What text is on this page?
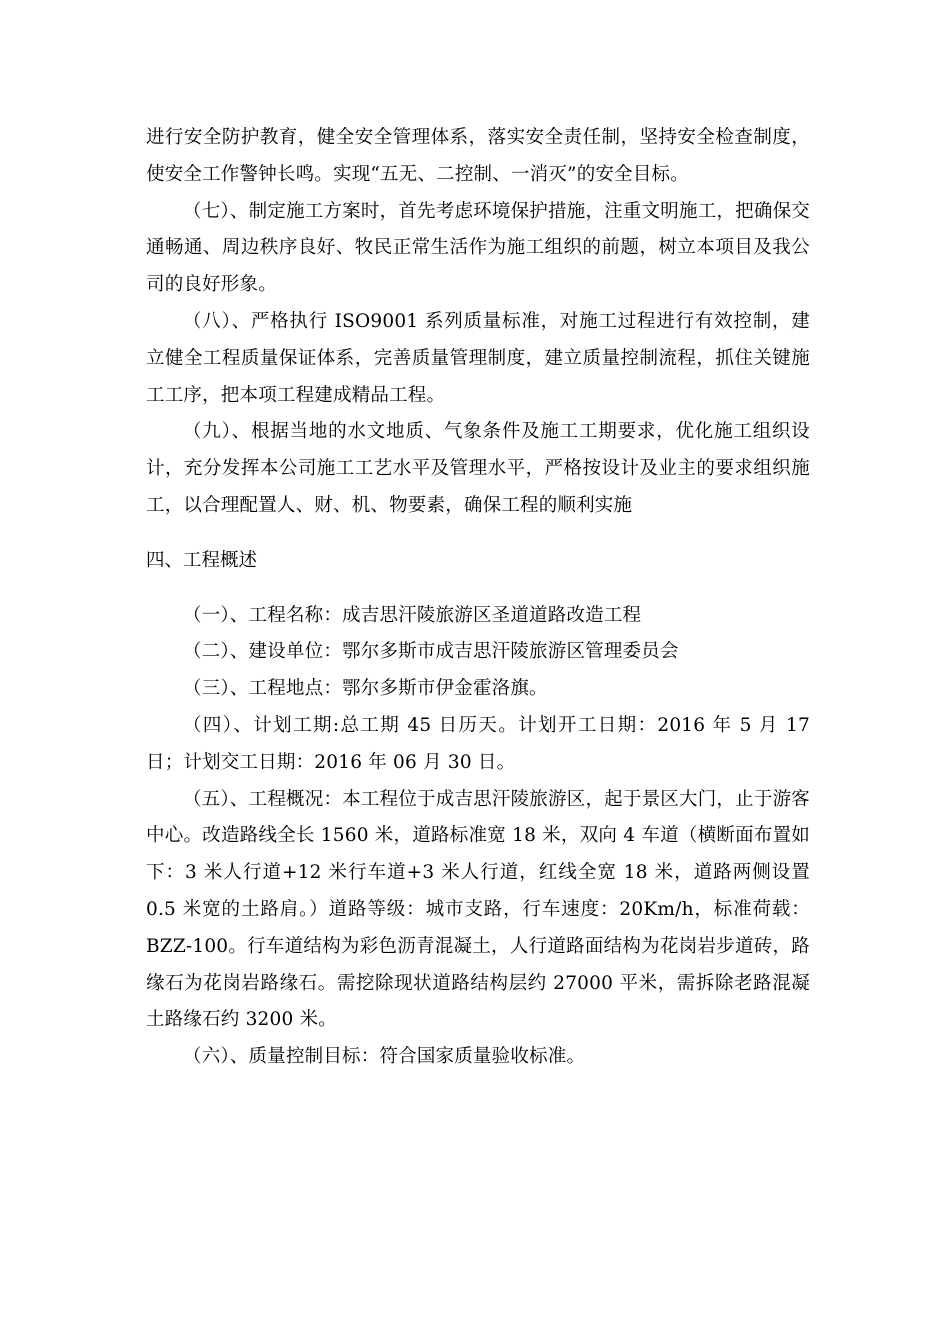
进行安全防护教育，健全安全管理体系，落实安全责任制，坚持安全检查制度，使安全工作警钟长鸣。实现“五无、二控制、一消灭”的安全目标。

（七）、制定施工方案时，首先考虑环境保护措施，注重文明施工，把确保交通畅通、周边秩序良好、牧民正常生活作为施工组织的前题，树立本项目及我公司的良好形象。

（八）、严格执行 ISO9001 系列质量标准，对施工过程进行有效控制，建立健全工程质量保证体系，完善质量管理制度，建立质量控制流程，抓住关键施工工序，把本项工程建成精品工程。

（九）、根据当地的水文地质、气象条件及施工工期要求，优化施工组织设计，充分发挥本公司施工工艺水平及管理水平，严格按设计及业主的要求组织施工，以合理配置人、财、机、物要素，确保工程的顺利实施

四、工程概述

（一）、工程名称：成吉思汗陵旅游区圣道道路改造工程

（二）、建设单位：鄂尔多斯市成吉思汗陵旅游区管理委员会

（三）、工程地点：鄂尔多斯市伊金霍洛旗。

（四）、计划工期:总工期 45 日历天。计划开工日期：2016 年 5 月 17 日；计划交工日期：2016 年 06 月 30 日。

（五）、工程概况：本工程位于成吉思汗陵旅游区，起于景区大门，止于游客中心。改造路线全长 1560 米，道路标准宽 18 米，双向 4 车道（横断面布置如下：3 米人行道+12 米行车道+3 米人行道，红线全宽 18 米，道路两侧设置 0.5 米宽的土路肩。）道路等级：城市支路，行车速度：20Km/h，标准荷载：BZZ-100。行车道结构为彩色沥青混凝土，人行道路面结构为花岗岩步道砖，路缘石为花岗岩路缘石。需挖除现状道路结构层约 27000 平米，需拆除老路混凝土路缘石约 3200 米。

（六）、质量控制目标：符合国家质量验收标准。
